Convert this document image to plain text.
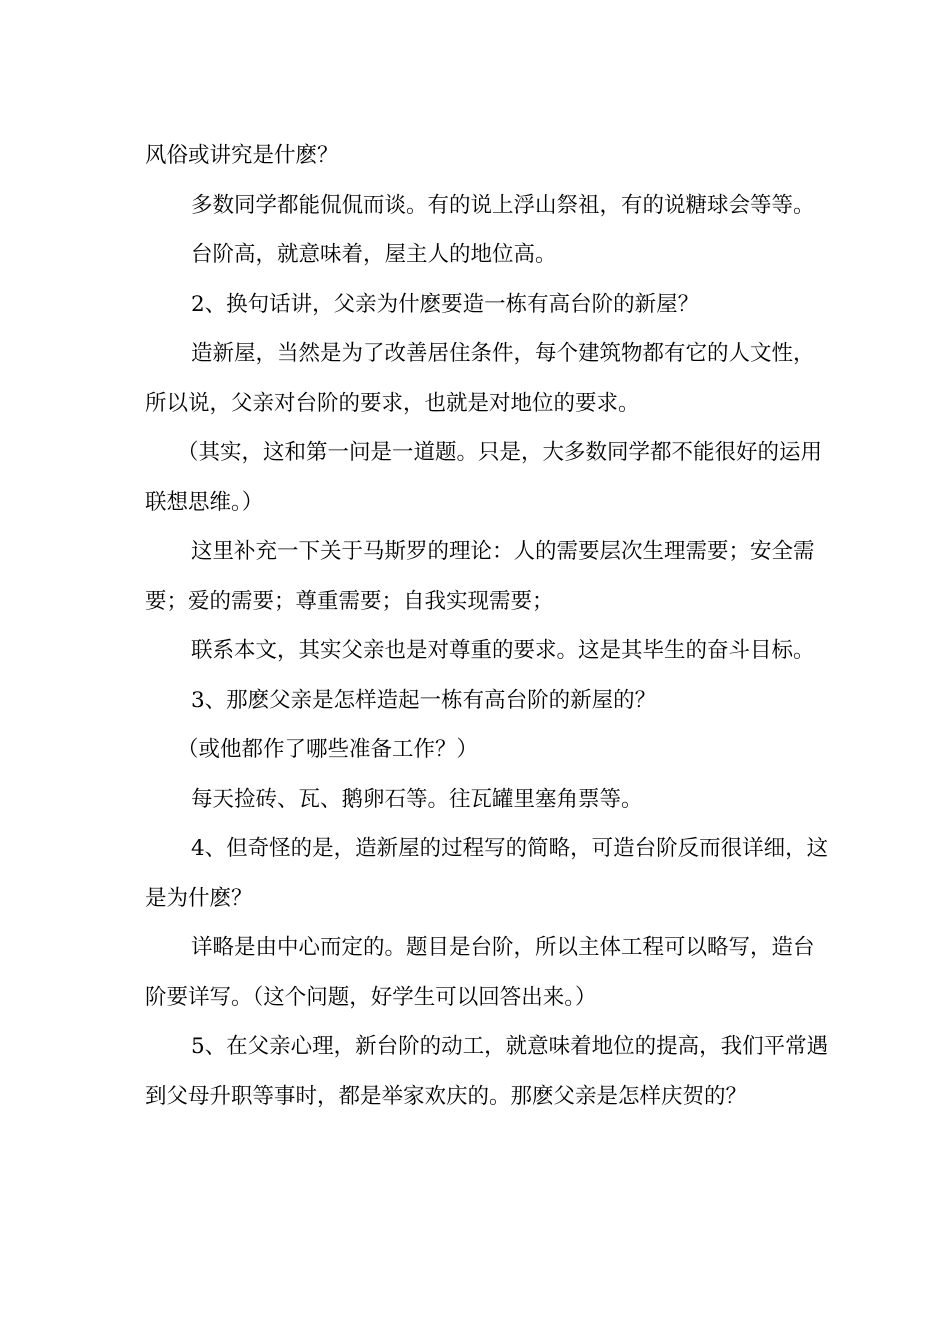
风俗或讲究是什麽？

多数同学都能侃侃而谈。有的说上浮山祭祖，有的说糖球会等等。

台阶高，就意味着，屋主人的地位高。

2、换句话讲，父亲为什麽要造一栋有高台阶的新屋？

造新屋，当然是为了改善居住条件，每个建筑物都有它的人文性，所以说，父亲对台阶的要求，也就是对地位的要求。

（其实，这和第一问是一道题。只是，大多数同学都不能很好的运用联想思维。）

这里补充一下关于马斯罗的理论：人的需要层次生理需要；安全需要；爱的需要；尊重需要；自我实现需要；

联系本文，其实父亲也是对尊重的要求。这是其毕生的奋斗目标。

3、那麽父亲是怎样造起一栋有高台阶的新屋的？

（或他都作了哪些准备工作？）

每天捡砖、瓦、鹅卵石等。往瓦罐里塞角票等。

4、但奇怪的是，造新屋的过程写的简略，可造台阶反而很详细，这是为什麽？

详略是由中心而定的。题目是台阶，所以主体工程可以略写，造台阶要详写。（这个问题，好学生可以回答出来。）

5、在父亲心理，新台阶的动工，就意味着地位的提高，我们平常遇到父母升职等事时，都是举家欢庆的。那麽父亲是怎样庆贺的？
